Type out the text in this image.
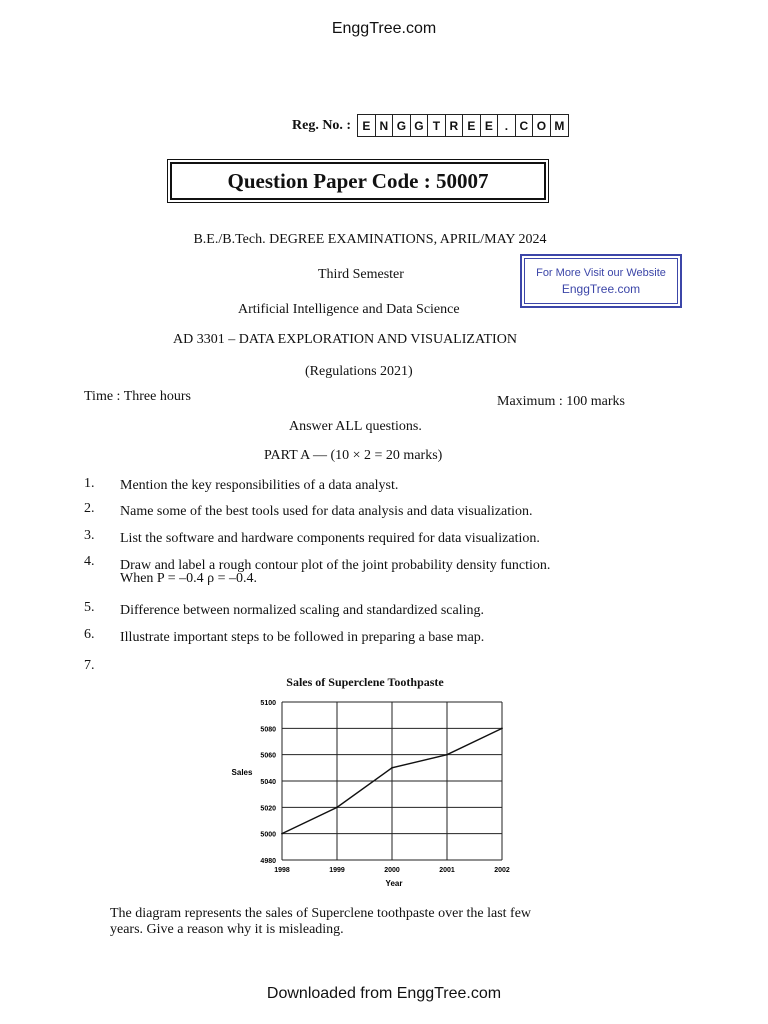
EnggTree.com
Reg. No. : E N G G T R E E . C O M
Question Paper Code : 50007
B.E./B.Tech. DEGREE EXAMINATIONS, APRIL/MAY 2024
Third Semester
Artificial Intelligence and Data Science
AD 3301 – DATA EXPLORATION AND VISUALIZATION
(Regulations 2021)
For More Visit our Website
EnggTree.com
Time : Three hours	Maximum : 100 marks
Answer ALL questions.
PART A — (10 × 2 = 20 marks)
1. Mention the key responsibilities of a data analyst.
2. Name some of the best tools used for data analysis and data visualization.
3. List the software and hardware components required for data visualization.
4. Draw and label a rough contour plot of the joint probability density function.
When P = –0.4 ρ = –0.4.
5. Difference between normalized scaling and standardized scaling.
6. Illustrate important steps to be followed in preparing a base map.
7.
Sales of Superclene Toothpaste
4980
5000
5020
5040
5060
5080
5100
1998	1999	2000	2001	2002
Sales
Year
The diagram represents the sales of Superclene toothpaste over the last few
years. Give a reason why it is misleading.
Downloaded from EnggTree.com
